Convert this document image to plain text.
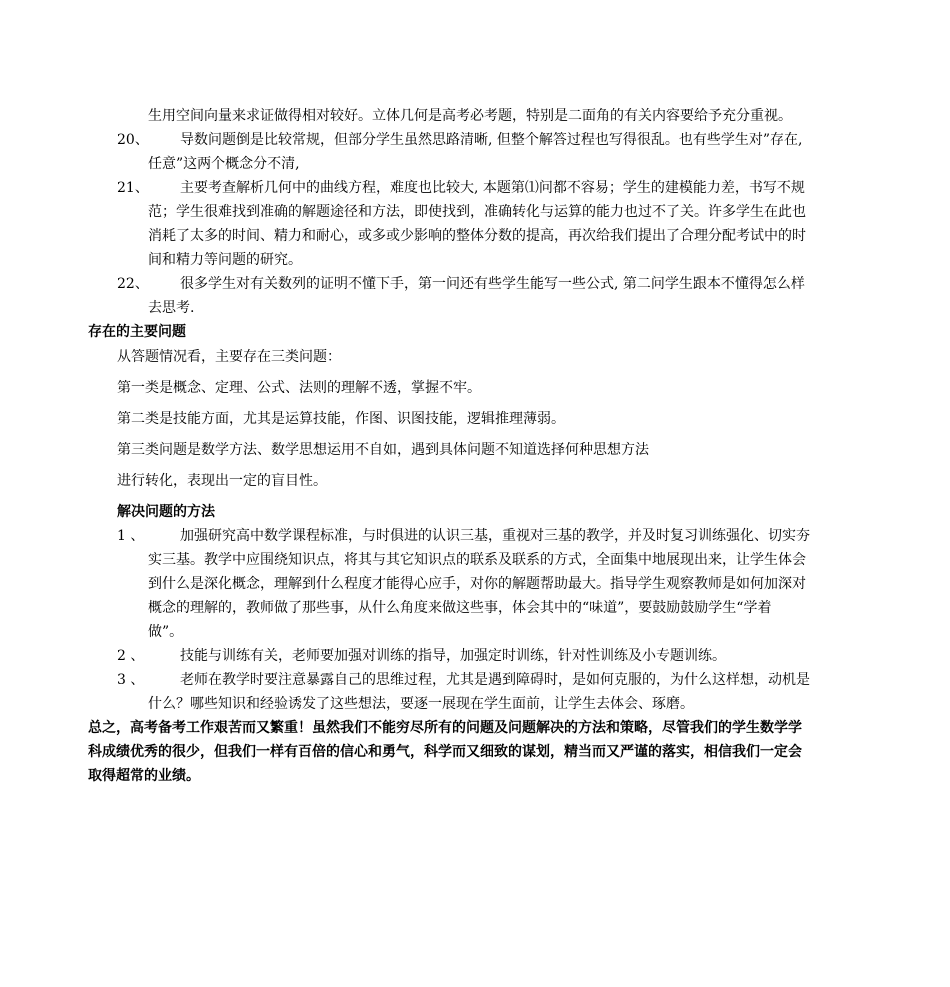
生用空间向量来求证做得相对较好。立体几何是高考必考题，特别是二面角的有关内容要给予充分重视。
20、 导数问题倒是比较常规，但部分学生虽然思路清晰, 但整个解答过程也写得很乱。也有些学生对”存在,
任意”这两个概念分不清,
21、 主要考查解析几何中的曲线方程，难度也比较大, 本题第⑴问都不容易；学生的建模能力差，书写不规
范；学生很难找到准确的解题途径和方法，即使找到，准确转化与运算的能力也过不了关。许多学生在此也
消耗了太多的时间、精力和耐心，或多或少影响的整体分数的提高，再次给我们提出了合理分配考试中的时
间和精力等问题的研究。
22、 很多学生对有关数列的证明不懂下手，第一问还有些学生能写一些公式, 第二问学生跟本不懂得怎么样
去思考.
存在的主要问题
从答题情况看，主要存在三类问题：
第一类是概念、定理、公式、法则的理解不透，掌握不牢。
第二类是技能方面，尤其是运算技能，作图、识图技能，逻辑推理薄弱。
第三类问题是数学方法、数学思想运用不自如，遇到具体问题不知道选择何种思想方法
进行转化，表现出一定的盲目性。
解决问题的方法
1 、	加强研究高中数学课程标准，与时俱进的认识三基，重视对三基的教学，并及时复习训练强化、切实夯
实三基。教学中应围绕知识点，将其与其它知识点的联系及联系的方式，全面集中地展现出来，让学生体会
到什么是深化概念，理解到什么程度才能得心应手，对你的解题帮助最大。指导学生观察教师是如何加深对
概念的理解的，教师做了那些事，从什么角度来做这些事，体会其中的“味道”，要鼓励鼓励学生“学着
做”。
2 、	技能与训练有关，老师要加强对训练的指导，加强定时训练，针对性训练及小专题训练。
3 、	老师在教学时要注意暴露自己的思维过程，尤其是遇到障碍时，是如何克服的，为什么这样想，动机是
什么？哪些知识和经验诱发了这些想法，要逐一展现在学生面前，让学生去体会、琢磨。
总之，高考备考工作艰苦而又繁重！虽然我们不能穷尽所有的问题及问题解决的方法和策略，尽管我们的学生数学学
科成绩优秀的很少，但我们一样有百倍的信心和勇气，科学而又细致的谋划，精当而又严谨的落实，相信我们一定会
取得超常的业绩。
